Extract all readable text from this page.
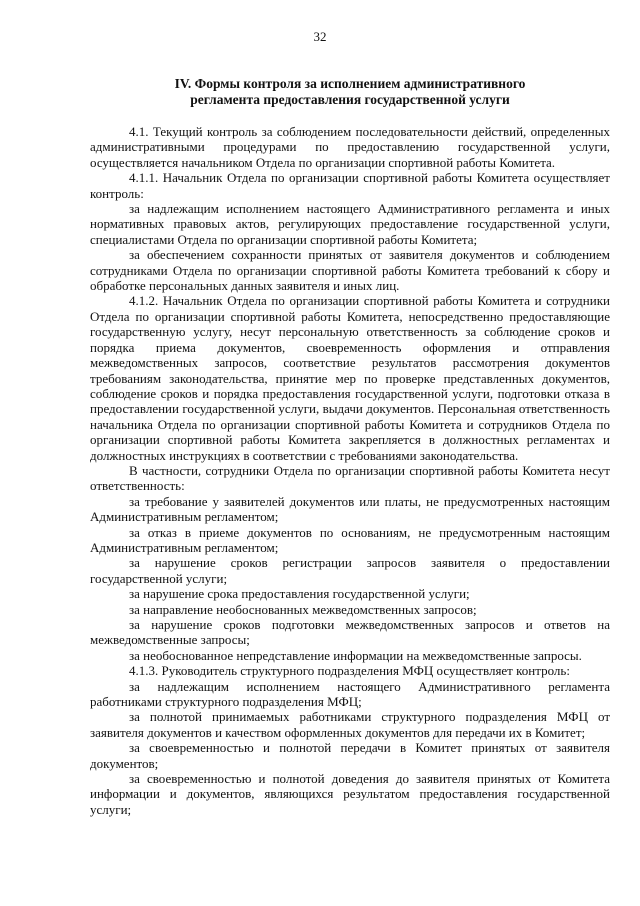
32
IV. Формы контроля за исполнением административного
регламента предоставления государственной услуги

4.1. Текущий контроль за соблюдением последовательности действий, определенных административными процедурами по предоставлению государственной услуги, осуществляется начальником Отдела по организации спортивной работы Комитета.

4.1.1. Начальник Отдела по организации спортивной работы Комитета осуществляет контроль:

за надлежащим исполнением настоящего Административного регламента и иных нормативных правовых актов, регулирующих предоставление государственной услуги, специалистами Отдела по организации спортивной работы Комитета;

за обеспечением сохранности принятых от заявителя документов и соблюдением сотрудниками Отдела по организации спортивной работы Комитета требований к сбору и обработке персональных данных заявителя и иных лиц.

4.1.2. Начальник Отдела по организации спортивной работы Комитета и сотрудники Отдела по организации спортивной работы Комитета, непосредственно предоставляющие государственную услугу, несут персональную ответственность за соблюдение сроков и порядка приема документов, своевременность оформления и отправления межведомственных запросов, соответствие результатов рассмотрения документов требованиям законодательства, принятие мер по проверке представленных документов, соблюдение сроков и порядка предоставления государственной услуги, подготовки отказа в предоставлении государственной услуги, выдачи документов. Персональная ответственность начальника Отдела по организации спортивной работы Комитета и сотрудников Отдела по организации спортивной работы Комитета закрепляется в должностных регламентах и должностных инструкциях в соответствии с требованиями законодательства.

В частности, сотрудники Отдела по организации спортивной работы Комитета несут ответственность:

за требование у заявителей документов или платы, не предусмотренных настоящим Административным регламентом;

за отказ в приеме документов по основаниям, не предусмотренным настоящим Административным регламентом;

за нарушение сроков регистрации запросов заявителя о предоставлении государственной услуги;

за нарушение срока предоставления государственной услуги;

за направление необоснованных межведомственных запросов;

за нарушение сроков подготовки межведомственных запросов и ответов на межведомственные запросы;

за необоснованное непредставление информации на межведомственные запросы.

4.1.3. Руководитель структурного подразделения МФЦ осуществляет контроль:

за надлежащим исполнением настоящего Административного регламента работниками структурного подразделения МФЦ;

за полнотой принимаемых работниками структурного подразделения МФЦ от заявителя документов и качеством оформленных документов для передачи их в Комитет;

за своевременностью и полнотой передачи в Комитет принятых от заявителя документов;

за своевременностью и полнотой доведения до заявителя принятых от Комитета информации и документов, являющихся результатом предоставления государственной услуги;
